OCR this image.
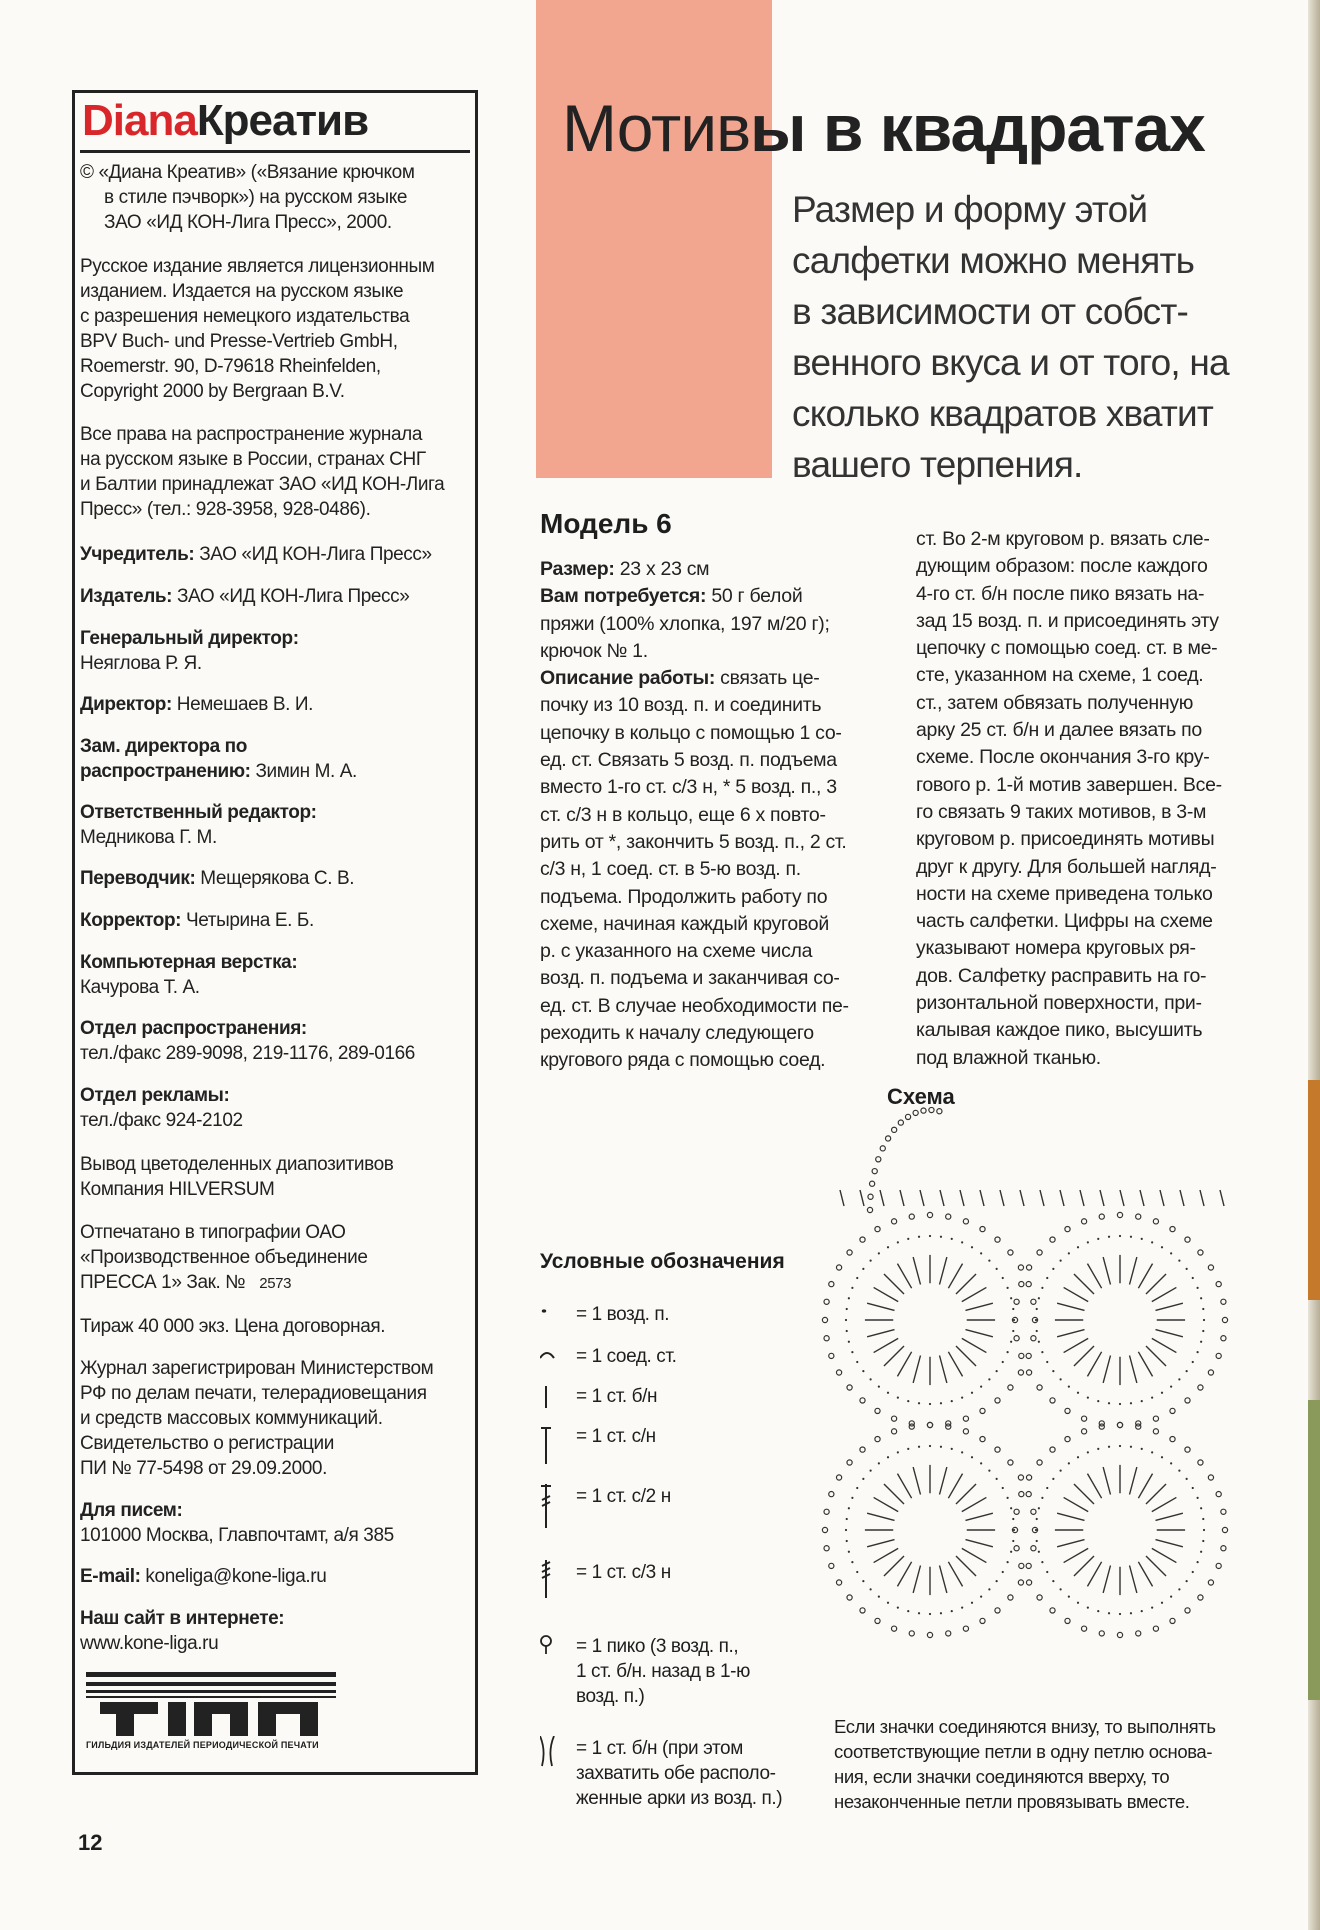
DianaКреатив
© «Диана Креатив» («Вязание крючком
в стиле пэчворк») на русском языке
ЗАО «ИД КОН-Лига Пресс», 2000.
Русское издание является лицензионным
изданием. Издается на русском языке
с разрешения немецкого издательства
BPV Buch- und Presse-Vertrieb GmbH,
Roemerstr. 90, D-79618 Rheinfelden,
Copyright 2000 by Bergraan B.V.
Все права на распространение журнала
на русском языке в России, странах СНГ
и Балтии принадлежат ЗАО «ИД КОН-Лига
Пресс» (тел.: 928-3958, 928-0486).
Учредитель: ЗАО «ИД КОН-Лига Пресс»
Издатель: ЗАО «ИД КОН-Лига Пресс»
Генеральный директор:
Нeяглова Р. Я.
Директор: Немешаев В. И.
Зам. директора по
распространению: Зимин М. А.
Ответственный редактор:
Медникова Г. М.
Переводчик: Мещерякова С. В.
Корректор: Четырина Е. Б.
Компьютерная верстка:
Качурова Т. А.
Отдел распространения:
тел./факс 289-9098, 219-1176, 289-0166
Отдел рекламы:
тел./факс 924-2102
Вывод цветоделенных диапозитивов
Компания HILVERSUM
Отпечатано в типографии ОАО
«Производственное объединение
ПРЕССА 1» Зак. № 2573
Тираж 40 000 экз. Цена договорная.
Журнал зарегистрирован Министерством
РФ по делам печати, телерадиовещания
и средств массовых коммуникаций.
Свидетельство о регистрации
ПИ № 77-5498 от 29.09.2000.
Для писем:
101000 Москва, Главпочтамт, а/я 385
E-mail: koneliga@kone-liga.ru
Наш сайт в интернете:
www.kone-liga.ru
ГИЛЬДИЯ ИЗДАТЕЛЕЙ ПЕРИОДИЧЕСКОЙ ПЕЧАТИ
12
Мотивы в квадратах
Размер и форму этой
салфетки можно менять
в зависимости от собст-
венного вкуса и от того, на
сколько квадратов хватит
вашего терпения.
Модель 6
Размер: 23 x 23 см
Вам потребуется: 50 г белой
пряжи (100% хлопка, 197 м/20 г);
крючок № 1.
Описание работы: связать це-
почку из 10 возд. п. и соединить
цепочку в кольцо с помощью 1 со-
ед. ст. Связать 5 возд. п. подъема
вместо 1-го ст. с/3 н, * 5 возд. п., 3
ст. с/3 н в кольцо, еще 6 х повто-
рить от *, закончить 5 возд. п., 2 ст.
с/3 н, 1 соед. ст. в 5-ю возд. п.
подъема. Продолжить работу по
схеме, начиная каждый круговой
р. с указанного на схеме числа
возд. п. подъема и заканчивая со-
ед. ст. В случае необходимости пе-
реходить к началу следующего
кругового ряда с помощью соед.
ст. Во 2-м круговом р. вязать сле-
дующим образом: после каждого
4-го ст. б/н после пико вязать на-
зад 15 возд. п. и присоединять эту
цепочку с помощью соед. ст. в ме-
сте, указанном на схеме, 1 соед.
ст., затем обвязать полученную
арку 25 ст. б/н и далее вязать по
схеме. После окончания 3-го кру-
гового р. 1-й мотив завершен. Все-
го связать 9 таких мотивов, в 3-м
круговом р. присоединять мотивы
друг к другу. Для большей нагляд-
ности на схеме приведена только
часть салфетки. Цифры на схеме
указывают номера круговых ря-
дов. Салфетку расправить на го-
ризонтальной поверхности, при-
калывая каждое пико, высушить
под влажной тканью.
Схема
Условные обозначения
= 1 возд. п.
= 1 соед. ст.
= 1 ст. б/н
= 1 ст. с/н
= 1 ст. с/2 н
= 1 ст. с/3 н
= 1 пико (3 возд. п.,
1 ст. б/н. назад в 1-ю
возд. п.)
= 1 ст. б/н (при этом
захватить обе располо-
женные арки из возд. п.)
Если значки соединяются внизу, то выполнять
соответствующие петли в одну петлю основа-
ния, если значки соединяются вверху, то
незаконченные петли провязывать вместе.
